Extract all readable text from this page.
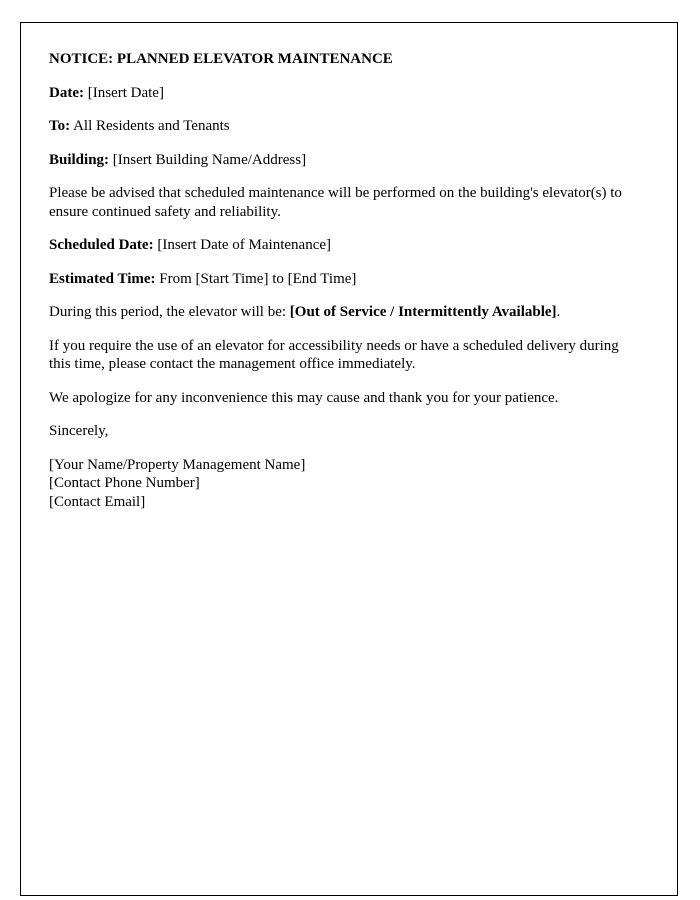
NOTICE: PLANNED ELEVATOR MAINTENANCE

Date: [Insert Date]

To: All Residents and Tenants

Building: [Insert Building Name/Address]

Please be advised that scheduled maintenance will be performed on the building's elevator(s) to ensure continued safety and reliability.

Scheduled Date: [Insert Date of Maintenance]

Estimated Time: From [Start Time] to [End Time]

During this period, the elevator will be: [Out of Service / Intermittently Available].

If you require the use of an elevator for accessibility needs or have a scheduled delivery during this time, please contact the management office immediately.

We apologize for any inconvenience this may cause and thank you for your patience.

Sincerely,

[Your Name/Property Management Name]
[Contact Phone Number]
[Contact Email]
